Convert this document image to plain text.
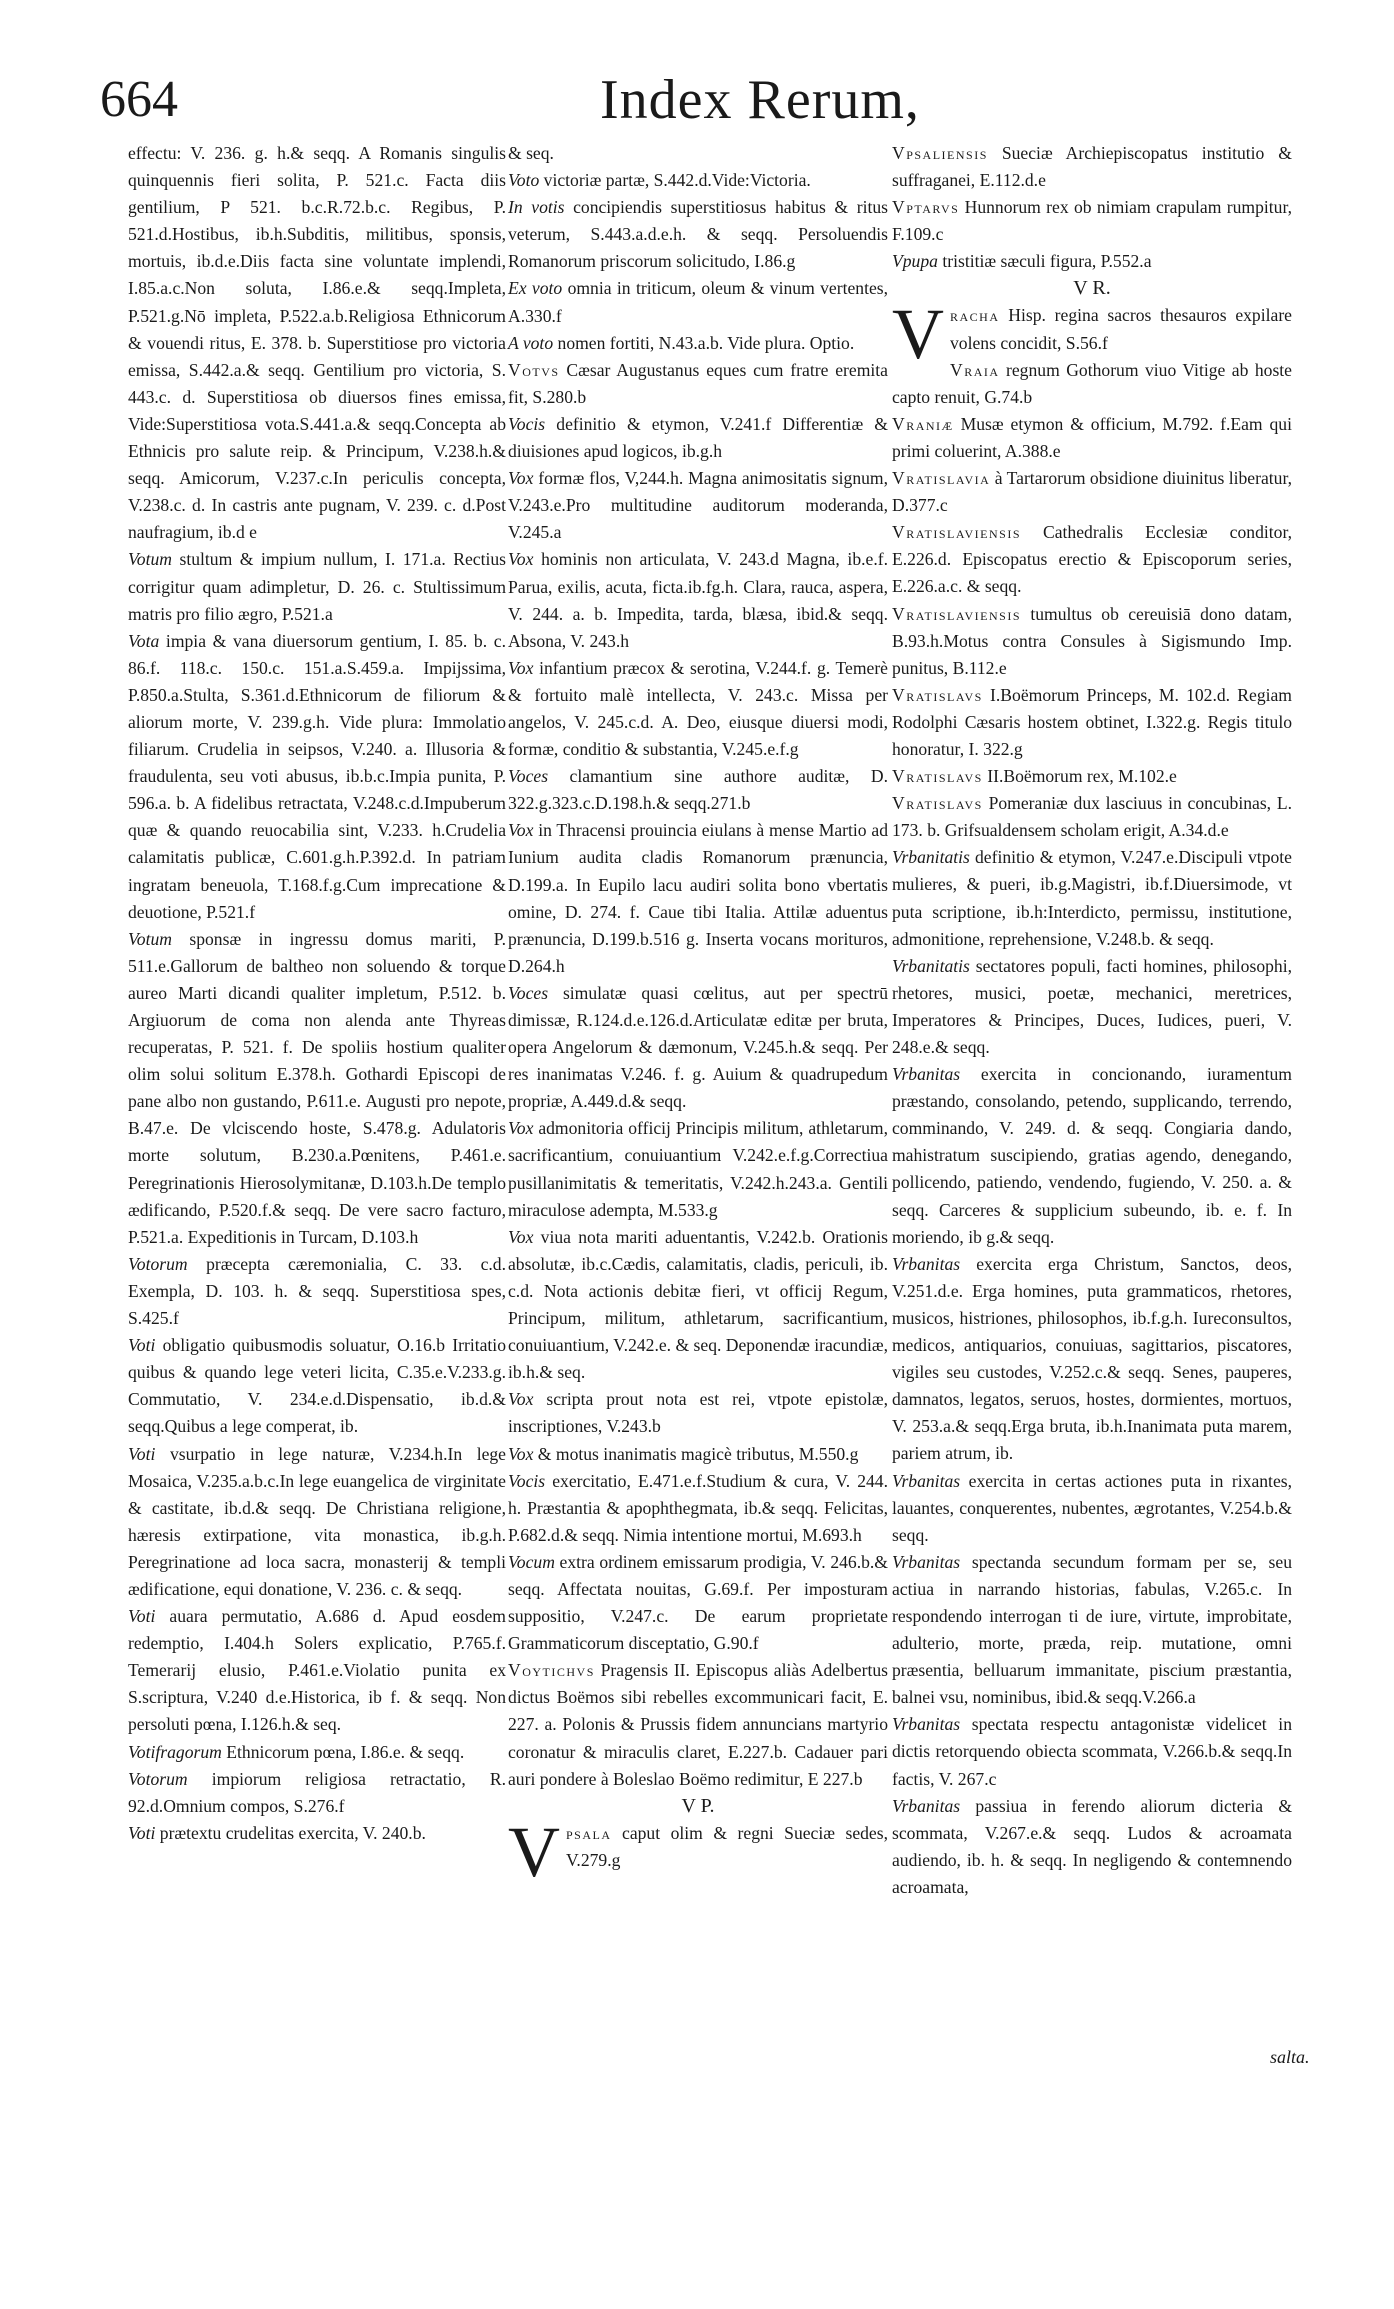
664	Index Rerum,

effectu: V. 236. g. h.& seqq. A Romanis singulis quinquennis fieri solita, P. 521.c. Facta diis gentilium, P 521. b.c.R.72.b.c. Regibus, P. 521.d.Hostibus, ib.h.Subditis, militibus, sponsis, mortuis, ib.d.e.Diis facta sine voluntate implendi, I.85.a.c.Non soluta, I.86.e.& seqq.Impleta, P.521.g.Nō impleta, P.522.a.b.Religiosa Ethnicorum & vouendi ritus, E. 378. b. Superstitiose pro victoria emissa, S.442.a.& seqq. Gentilium pro victoria, S. 443.c. d. Superstitiosa ob diuersos fines emissa, Vide:Superstitiosa vota.S.441.a.& seqq.Concepta ab Ethnicis pro salute reip. & Principum, V.238.h.& seqq. Amicorum, V.237.c.In periculis concepta, V.238.c. d. In castris ante pugnam, V. 239. c. d.Post naufragium, ib.d e

Votum stultum & impium nullum, I. 171.a. Rectius corrigitur quam adimpletur, D. 26. c. Stultissimum matris pro filio ægro, P.521.a

Vota impia & vana diuersorum gentium, I. 85. b. c. 86.f. 118.c. 150.c. 151.a.S.459.a. Impijssima, P.850.a.Stulta, S.361.d.Ethnicorum de filiorum & aliorum morte, V. 239.g.h. Vide plura: Immolatio filiarum. Crudelia in seipsos, V.240. a. Illusoria & fraudulenta, seu voti abusus, ib.b.c.Impia punita, P. 596.a. b. A fidelibus retractata, V.248.c.d.Impuberum quæ & quando reuocabilia sint, V.233. h.Crudelia calamitatis publicæ, C.601.g.h.P.392.d. In patriam ingratam beneuola, T.168.f.g.Cum imprecatione & deuotione, P.521.f

Votum sponsæ in ingressu domus mariti, P. 511.e.Gallorum de baltheo non soluendo & torque aureo Marti dicandi qualiter impletum, P.512. b. Argiuorum de coma non alenda ante Thyreas recuperatas, P. 521. f. De spoliis hostium qualiter olim solui solitum E.378.h. Gothardi Episcopi de pane albo non gustando, P.611.e. Augusti pro nepote, B.47.e. De vlciscendo hoste, S.478.g. Adulatoris morte solutum, B.230.a.Pœnitens, P.461.e. Peregrinationis Hierosolymitanæ, D.103.h.De templo ædificando, P.520.f.& seqq. De vere sacro facturo, P.521.a. Expeditionis in Turcam, D.103.h

Votorum præcepta cæremonialia, C. 33. c.d. Exempla, D. 103. h. & seqq. Superstitiosa spes, S.425.f

Voti obligatio quibusmodis soluatur, O.16.b Irritatio quibus & quando lege veteri licita, C.35.e.V.233.g. Commutatio, V. 234.e.d.Dispensatio, ib.d.& seqq.Quibus a lege comperat, ib.

Voti vsurpatio in lege naturæ, V.234.h.In lege Mosaica, V.235.a.b.c.In lege euangelica de virginitate & castitate, ib.d.& seqq. De Christiana religione, hæresis extirpatione, vita monastica, ib.g.h. Peregrinatione ad loca sacra, monasterij & templi ædificatione, equi donatione, V. 236. c. & seqq.

Voti auara permutatio, A.686 d. Apud eosdem redemptio, I.404.h Solers explicatio, P.765.f. Temerarij elusio, P.461.e.Violatio punita ex S.scriptura, V.240 d.e.Historica, ib f. & seqq. Non persoluti pœna, I.126.h.& seq.

Votifragorum Ethnicorum pœna, I.86.e. & seqq.

Votorum impiorum religiosa retractatio, R. 92.d.Omnium compos, S.276.f

Voti prætextu crudelitas exercita, V. 240.b.

& seq.

Voto victoriæ partæ, S.442.d.Vide:Victoria.

In votis concipiendis superstitiosus habitus & ritus veterum, S.443.a.d.e.h. & seqq. Persoluendis Romanorum priscorum solicitudo, I.86.g

Ex voto omnia in triticum, oleum & vinum vertentes, A.330.f

A voto nomen fortiti, N.43.a.b. Vide plura. Optio.

Votvs Cæsar Augustanus eques cum fratre eremita fit, S.280.b

Vocis definitio & etymon, V.241.f Differentiæ & diuisiones apud logicos, ib.g.h

Vox formæ flos, V,244.h. Magna animositatis signum, V.243.e.Pro multitudine auditorum moderanda, V.245.a

Vox hominis non articulata, V. 243.d Magna, ib.e.f. Parua, exilis, acuta, ficta.ib.fg.h. Clara, rauca, aspera, V. 244. a. b. Impedita, tarda, blæsa, ibid.& seqq. Absona, V. 243.h

Vox infantium præcox & serotina, V.244.f. g. Temerè & fortuito malè intellecta, V. 243.c. Missa per angelos, V. 245.c.d. A. Deo, eiusque diuersi modi, formæ, conditio & substantia, V.245.e.f.g

Voces clamantium sine authore auditæ, D. 322.g.323.c.D.198.h.& seqq.271.b

Vox in Thracensi prouincia eiulans à mense Martio ad Iunium audita cladis Romanorum prænuncia, D.199.a. In Eupilo lacu audiri solita bono vbertatis omine, D. 274. f. Caue tibi Italia. Attilæ aduentus prænuncia, D.199.b.516 g. Inserta vocans morituros, D.264.h

Voces simulatæ quasi cœlitus, aut per spectrū dimissæ, R.124.d.e.126.d.Articulatæ editæ per bruta, opera Angelorum & dæmonum, V.245.h.& seqq. Per res inanimatas V.246. f. g. Auium & quadrupedum propriæ, A.449.d.& seqq.

Vox admonitoria officij Principis militum, athletarum, sacrificantium, conuiuantium V.242.e.f.g.Correctiua pusillanimitatis & temeritatis, V.242.h.243.a. Gentili miraculose adempta, M.533.g

Vox viua nota mariti aduentantis, V.242.b. Orationis absolutæ, ib.c.Cædis, calamitatis, cladis, periculi, ib. c.d. Nota actionis debitæ fieri, vt officij Regum, Principum, militum, athletarum, sacrificantium, conuiuantium, V.242.e. & seq. Deponendæ iracundiæ, ib.h.& seq.

Vox scripta prout nota est rei, vtpote epistolæ, inscriptiones, V.243.b

Vox & motus inanimatis magicè tributus, M.550.g

Vocis exercitatio, E.471.e.f.Studium & cura, V. 244. h. Præstantia & apophthegmata, ib.& seqq. Felicitas, P.682.d.& seqq. Nimia intentione mortui, M.693.h

Vocum extra ordinem emissarum prodigia, V. 246.b.& seqq. Affectata nouitas, G.69.f. Per imposturam suppositio, V.247.c. De earum proprietate Grammaticorum disceptatio, G.90.f

Voytichvs Pragensis II. Episcopus aliàs Adelbertus dictus Boëmos sibi rebelles excommunicari facit, E. 227. a. Polonis & Prussis fidem annuncians martyrio coronatur & miraculis claret, E.227.b. Cadauer pari auri pondere à Boleslao Boëmo redimitur, E 227.b

V P.

Vpsala caput olim & regni Sueciæ sedes, V.279.g

Vpsaliensis Sueciæ Archiepiscopatus institutio & suffraganei, E.112.d.e

Vptarvs Hunnorum rex ob nimiam crapulam rumpitur, F.109.c

Vpupa tristitiæ sæculi figura, P.552.a

V R.

Vracha Hisp. regina sacros thesauros expilare volens concidit, S.56.f

Vraia regnum Gothorum viuo Vitige ab hoste capto renuit, G.74.b

Vraniæ Musæ etymon & officium, M.792. f.Eam qui primi coluerint, A.388.e

Vratislavia à Tartarorum obsidione diuinitus liberatur, D.377.c

Vratislaviensis Cathedralis Ecclesiæ conditor, E.226.d. Episcopatus erectio & Episcoporum series, E.226.a.c. & seqq.

Vratislaviensis tumultus ob cereuisiā dono datam, B.93.h.Motus contra Consules à Sigismundo Imp. punitus, B.112.e

Vratislavs I.Boëmorum Princeps, M. 102.d. Regiam Rodolphi Cæsaris hostem obtinet, I.322.g. Regis titulo honoratur, I. 322.g

Vratislavs II.Boëmorum rex, M.102.e

Vratislavs Pomeraniæ dux lasciuus in concubinas, L. 173. b. Grifsualdensem scholam erigit, A.34.d.e

Vrbanitatis definitio & etymon, V.247.e.Discipuli vtpote mulieres, & pueri, ib.g.Magistri, ib.f.Diuersimode, vt puta scriptione, ib.h:Interdicto, permissu, institutione, admonitione, reprehensione, V.248.b. & seqq.

Vrbanitatis sectatores populi, facti homines, philosophi, rhetores, musici, poetæ, mechanici, meretrices, Imperatores & Principes, Duces, Iudices, pueri, V. 248.e.& seqq.

Vrbanitas exercita in concionando, iuramentum præstando, consolando, petendo, supplicando, terrendo, comminando, V. 249. d. & seqq. Congiaria dando, mahistratum suscipiendo, gratias agendo, denegando, pollicendo, patiendo, vendendo, fugiendo, V. 250. a. & seqq. Carceres & supplicium subeundo, ib. e. f. In moriendo, ib g.& seqq.

Vrbanitas exercita erga Christum, Sanctos, deos, V.251.d.e. Erga homines, puta grammaticos, rhetores, musicos, histriones, philosophos, ib.f.g.h. Iureconsultos, medicos, antiquarios, conuiuas, sagittarios, piscatores, vigiles seu custodes, V.252.c.& seqq. Senes, pauperes, damnatos, legatos, seruos, hostes, dormientes, mortuos, V. 253.a.& seqq.Erga bruta, ib.h.Inanimata puta marem, pariem atrum, ib.

Vrbanitas exercita in certas actiones puta in rixantes, lauantes, conquerentes, nubentes, ægrotantes, V.254.b.& seqq.

Vrbanitas spectanda secundum formam per se, seu actiua in narrando historias, fabulas, V.265.c. In respondendo interrogan ti de iure, virtute, improbitate, adulterio, morte, præda, reip. mutatione, omni præsentia, belluarum immanitate, piscium præstantia, balnei vsu, nominibus, ibid.& seqq.V.266.a

Vrbanitas spectata respectu antagonistæ videlicet in dictis retorquendo obiecta scommata, V.266.b.& seqq.In factis, V. 267.c

Vrbanitas passiua in ferendo aliorum dicteria & scommata, V.267.e.& seqq. Ludos & acroamata audiendo, ib. h. & seqq. In negligendo & contemnendo acroamata,

salta.
